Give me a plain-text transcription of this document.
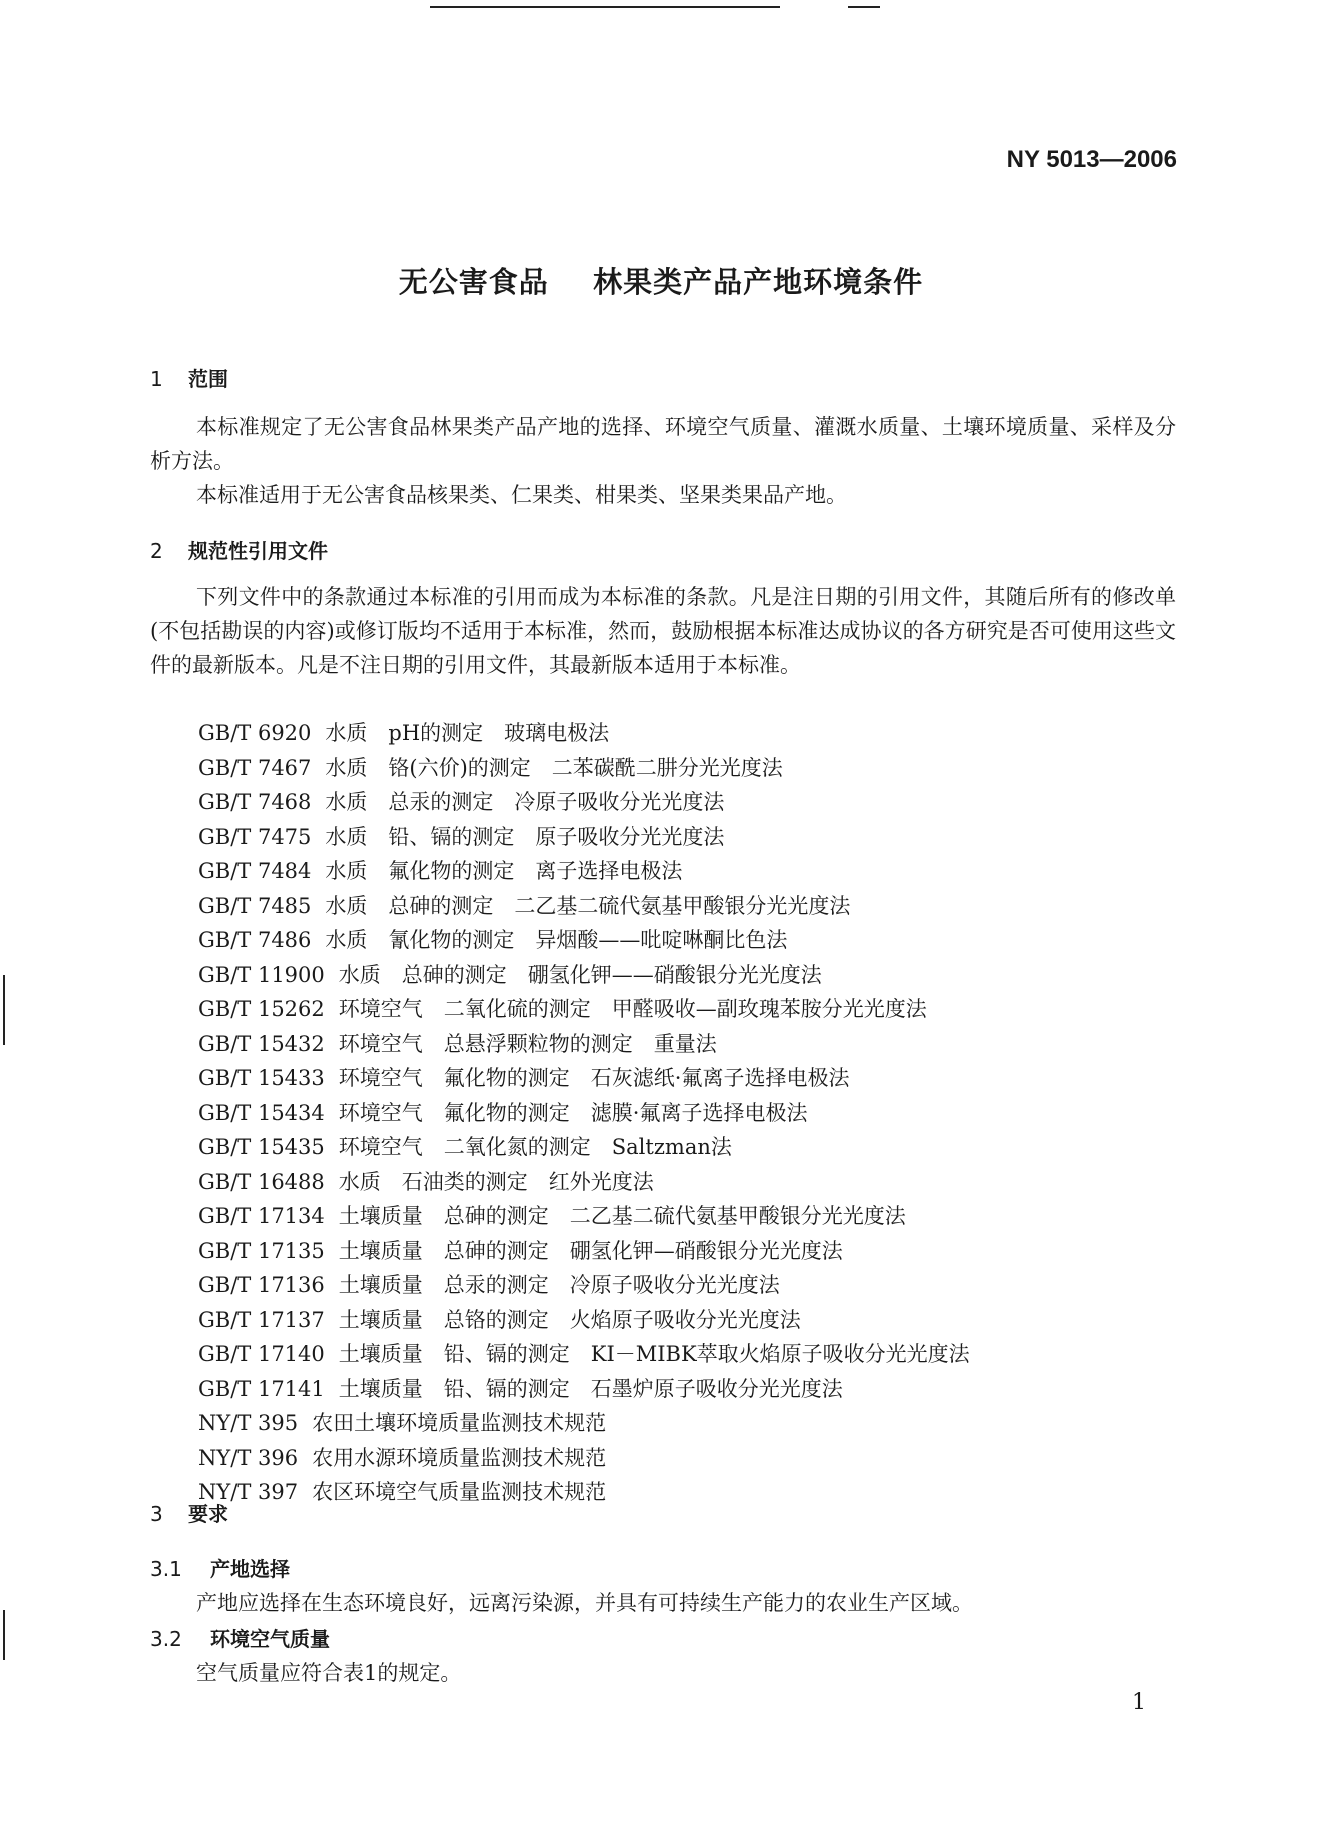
NY 5013—2006
无公害食品    林果类产品产地环境条件
1 范围
本标准规定了无公害食品林果类产品产地的选择、环境空气质量、灌溉水质量、土壤环境质量、采样及分析方法。
本标准适用于无公害食品核果类、仁果类、柑果类、坚果类果品产地。
2 规范性引用文件
下列文件中的条款通过本标准的引用而成为本标准的条款。凡是注日期的引用文件，其随后所有的修改单(不包括勘误的内容)或修订版均不适用于本标准，然而，鼓励根据本标准达成协议的各方研究是否可使用这些文件的最新版本。凡是不注日期的引用文件，其最新版本适用于本标准。
GB/T 6920 水质　pH的测定　玻璃电极法
GB/T 7467 水质　铬(六价)的测定　二苯碳酰二肼分光光度法
GB/T 7468 水质　总汞的测定　冷原子吸收分光光度法
GB/T 7475 水质　铅、镉的测定　原子吸收分光光度法
GB/T 7484 水质　氟化物的测定　离子选择电极法
GB/T 7485 水质　总砷的测定　二乙基二硫代氨基甲酸银分光光度法
GB/T 7486 水质　氰化物的测定　异烟酸——吡啶啉酮比色法
GB/T 11900 水质　总砷的测定　硼氢化钾——硝酸银分光光度法
GB/T 15262 环境空气　二氧化硫的测定　甲醛吸收—副玫瑰苯胺分光光度法
GB/T 15432 环境空气　总悬浮颗粒物的测定　重量法
GB/T 15433 环境空气　氟化物的测定　石灰滤纸·氟离子选择电极法
GB/T 15434 环境空气　氟化物的测定　滤膜·氟离子选择电极法
GB/T 15435 环境空气　二氧化氮的测定　Saltzman法
GB/T 16488 水质　石油类的测定　红外光度法
GB/T 17134 土壤质量　总砷的测定　二乙基二硫代氨基甲酸银分光光度法
GB/T 17135 土壤质量　总砷的测定　硼氢化钾—硝酸银分光光度法
GB/T 17136 土壤质量　总汞的测定　冷原子吸收分光光度法
GB/T 17137 土壤质量　总铬的测定　火焰原子吸收分光光度法
GB/T 17140 土壤质量　铅、镉的测定　KI－MIBK萃取火焰原子吸收分光光度法
GB/T 17141 土壤质量　铅、镉的测定　石墨炉原子吸收分光光度法
NY/T 395 农田土壤环境质量监测技术规范
NY/T 396 农用水源环境质量监测技术规范
NY/T 397 农区环境空气质量监测技术规范
3 要求
3.1 产地选择
产地应选择在生态环境良好，远离污染源，并具有可持续生产能力的农业生产区域。
3.2 环境空气质量
空气质量应符合表1的规定。
1
